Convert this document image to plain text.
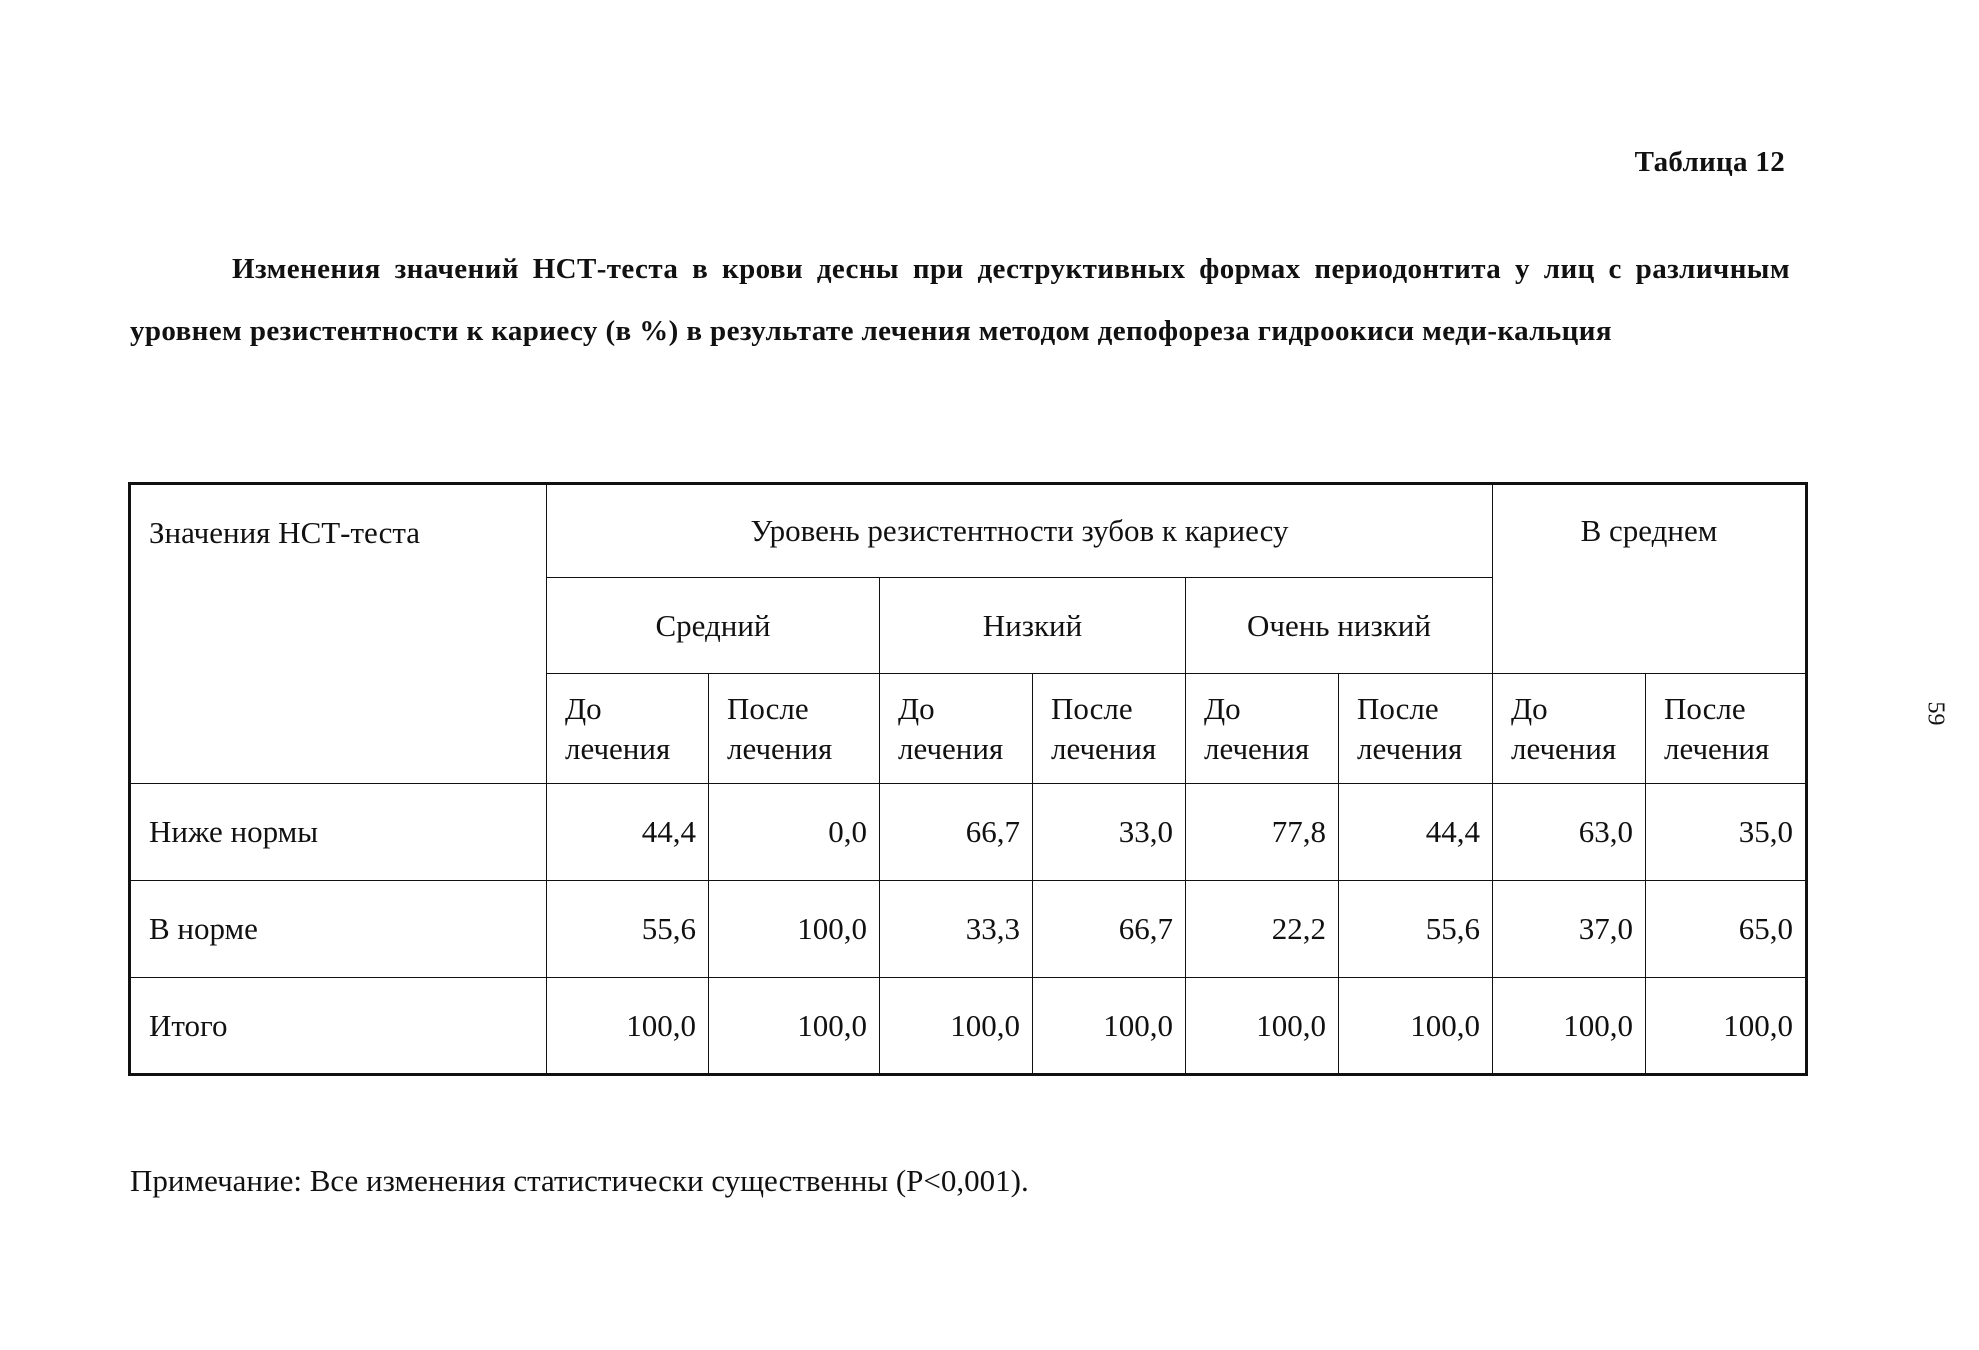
Таблица 12
Изменения значений НСТ-теста в крови десны при деструктивных формах периодонтита у лиц с различным уровнем резистентности к кариесу (в %) в результате лечения методом депофореза гидроокиси меди-кальция
59
Значения НСТ-теста	Уровень резистентности зубов к кариесу						В среднем	
	Средний		Низкий		Очень низкий			
	До лечения	После лечения	До лечения	После лечения	До лечения	После лечения	До лечения	После лечения
Ниже нормы	44,4	0,0	66,7	33,0	77,8	44,4	63,0	35,0
В норме	55,6	100,0	33,3	66,7	22,2	55,6	37,0	65,0
Итого	100,0	100,0	100,0	100,0	100,0	100,0	100,0	100,0
Примечание: Все изменения статистически существенны (Р<0,001).
